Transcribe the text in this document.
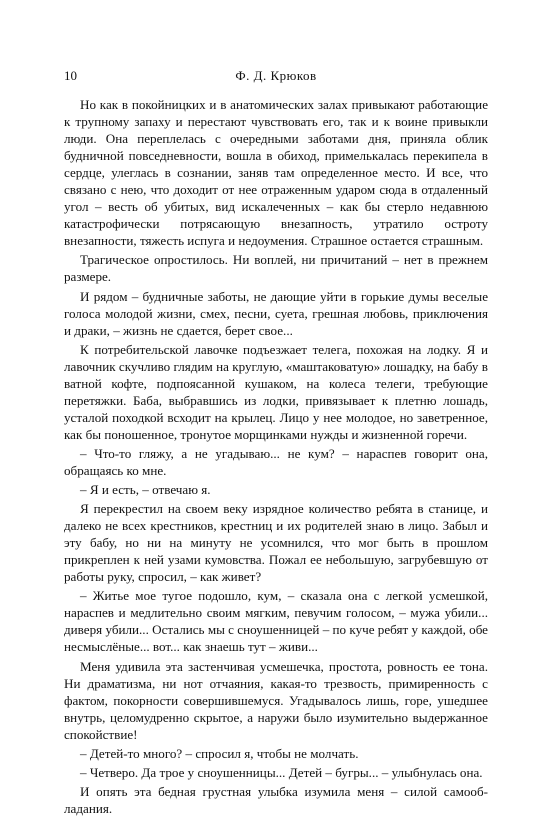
10	Ф. Д. Крюков

Но как в покойницких и в анатомических залах привыкают работающие к трупному запаху и перестают чувствовать его, так и к воине привыкли люди. Она переплелась с очередными заботами дня, приняла облик будничной повседневности, вошла в обиход, примелькалась перекипела в сердце, улеглась в сознании, заняв там определенное место. И все, что связано с нею, что доходит от нее отраженным ударом сюда в отдаленный угол – весть об убитых, вид искалеченных – как бы стерло недавнюю катастрофически потрясающую внезапность, утратило остроту внезапности, тяжесть испуга и недоумения. Страшное остается страшным.

Трагическое опростилось. Ни воплей, ни причитаний – нет в прежнем размере.

И рядом – будничные заботы, не дающие уйти в горькие думы веселые голоса молодой жизни, смех, песни, суета, грешная любовь, приключения и драки, – жизнь не сдается, берет свое...

К потребительской лавочке подъезжает телега, похожая на лодку. Я и лавочник скучливо глядим на круглую, «маштаковатую» лошадку, на бабу в ватной кофте, подпоясанной кушаком, на колеса телеги, требующие перетяжки. Баба, выбравшись из лодки, привязывает к плетню лошадь, усталой походкой всходит на крылец. Лицо у нее молодое, но заветренное, как бы поношенное, тронутое морщинками нужды и жизненной горечи.

– Что-то гляжу, а не угадываю... не кум? – нараспев говорит она, обращаясь ко мне.

– Я и есть, – отвечаю я.

Я перекрестил на своем веку изрядное количество ребята в станице, и далеко не всех крестников, крестниц и их родителей знаю в лицо. Забыл и эту бабу, но ни на минуту не усомнился, что мог быть в прошлом прикреплен к ней узами кумовства. Пожал ее небольшую, загрубевшую от работы руку, спросил, – как живет?

– Житье мое тугое подошло, кум, – сказала она с легкой усмешкой, нараспев и медлительно своим мягким, певучим голосом, – мужа убили... диверя убили... Остались мы с сноушенницей – по куче ребят у каждой, обе несмыслёные... вот... как знаешь тут – живи...

Меня удивила эта застенчивая усмешечка, простота, ровность ее тона. Ни драматизма, ни нот отчаяния, какая-то трезвость, примиренность с фактом, покорности совершившемуся. Угадывалось лишь, горе, ушедшее внутрь, целомудренно скрытое, а наружи было изумительно выдержанное спокойствие!

– Детей-то много? – спросил я, чтобы не молчать.

– Четверо. Да трое у сноушенницы... Детей – бугры... – улыбнулась она.

И опять эта бедная грустная улыбка изумила меня – силой самообладания.
